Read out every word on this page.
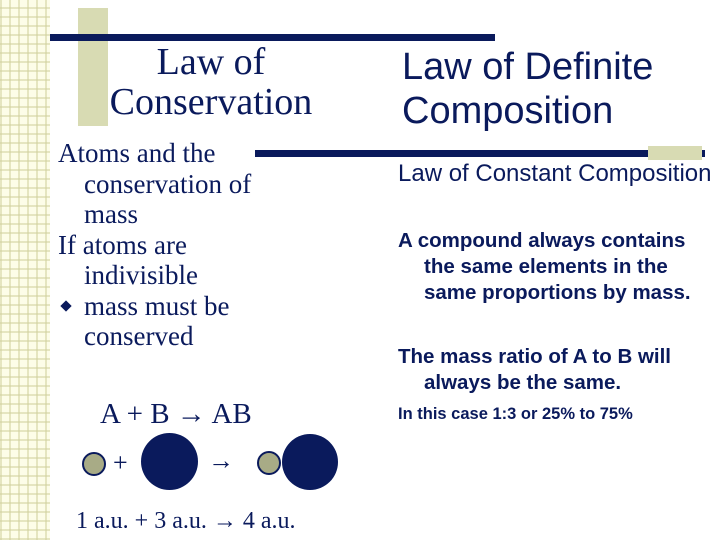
Law of Conservation
Law of Definite Composition

Atoms and the conservation of mass

If atoms are indivisible

mass must be conserved
A + B → AB
+	→
1 a.u. + 3 a.u. → 4 a.u.

Law of Constant Composition

A compound always contains the same elements in the same proportions by mass.

The mass ratio of A to B will always be the same.

In this case 1:3 or 25% to 75%
